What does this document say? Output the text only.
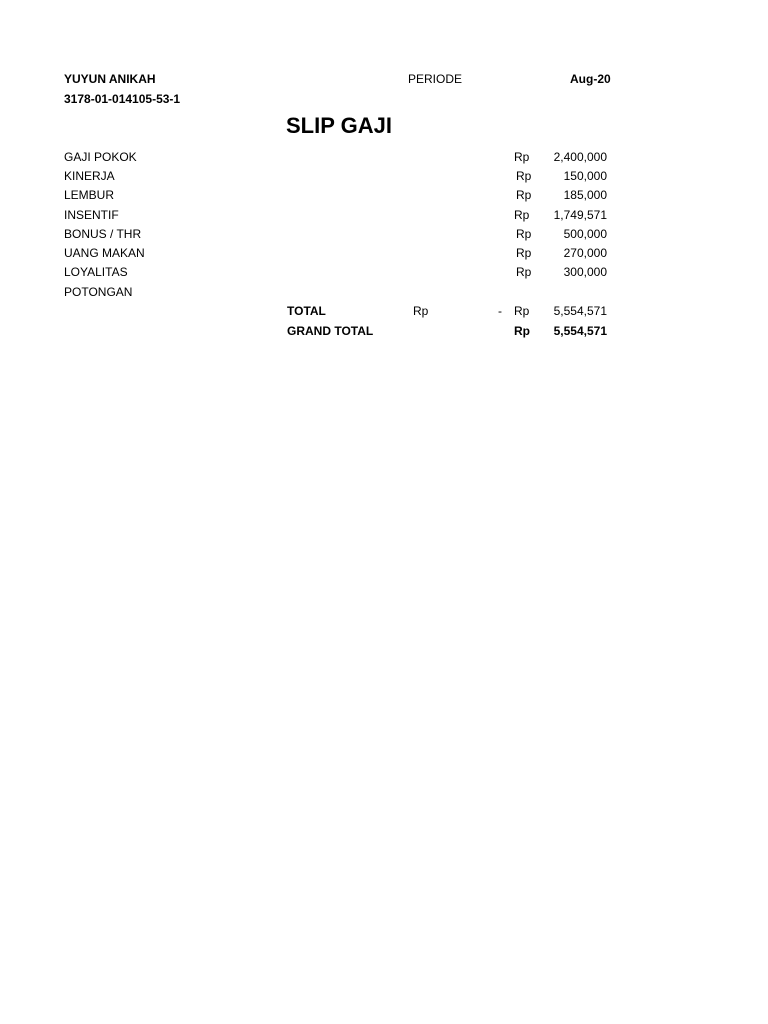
YUYUN ANIKAH
3178-01-014105-53-1
PERIODE	Aug-20
SLIP GAJI
GAJI POKOK	Rp	2,400,000
KINERJA	Rp	150,000
LEMBUR	Rp	185,000
INSENTIF	Rp	1,749,571
BONUS / THR	Rp	500,000
UANG MAKAN	Rp	270,000
LOYALITAS	Rp	300,000
POTONGAN
TOTAL	Rp	- Rp	5,554,571
GRAND TOTAL	Rp	5,554,571
